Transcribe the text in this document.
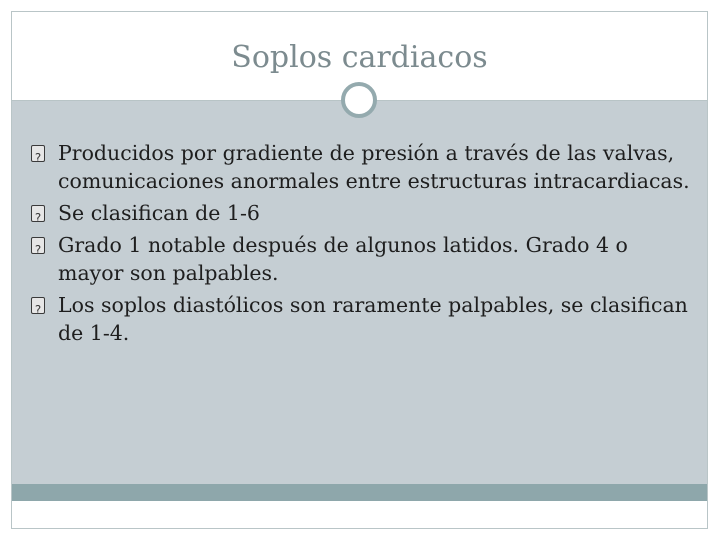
Soplos cardiacos
?
Producidos por gradiente de presión a través de las valvas, comunicaciones anormales entre estructuras intracardiacas.
?
Se clasifican de 1-6
?
Grado 1 notable después de algunos latidos. Grado 4 o mayor son palpables.
?
Los soplos diastólicos son raramente palpables, se clasifican de 1-4.
